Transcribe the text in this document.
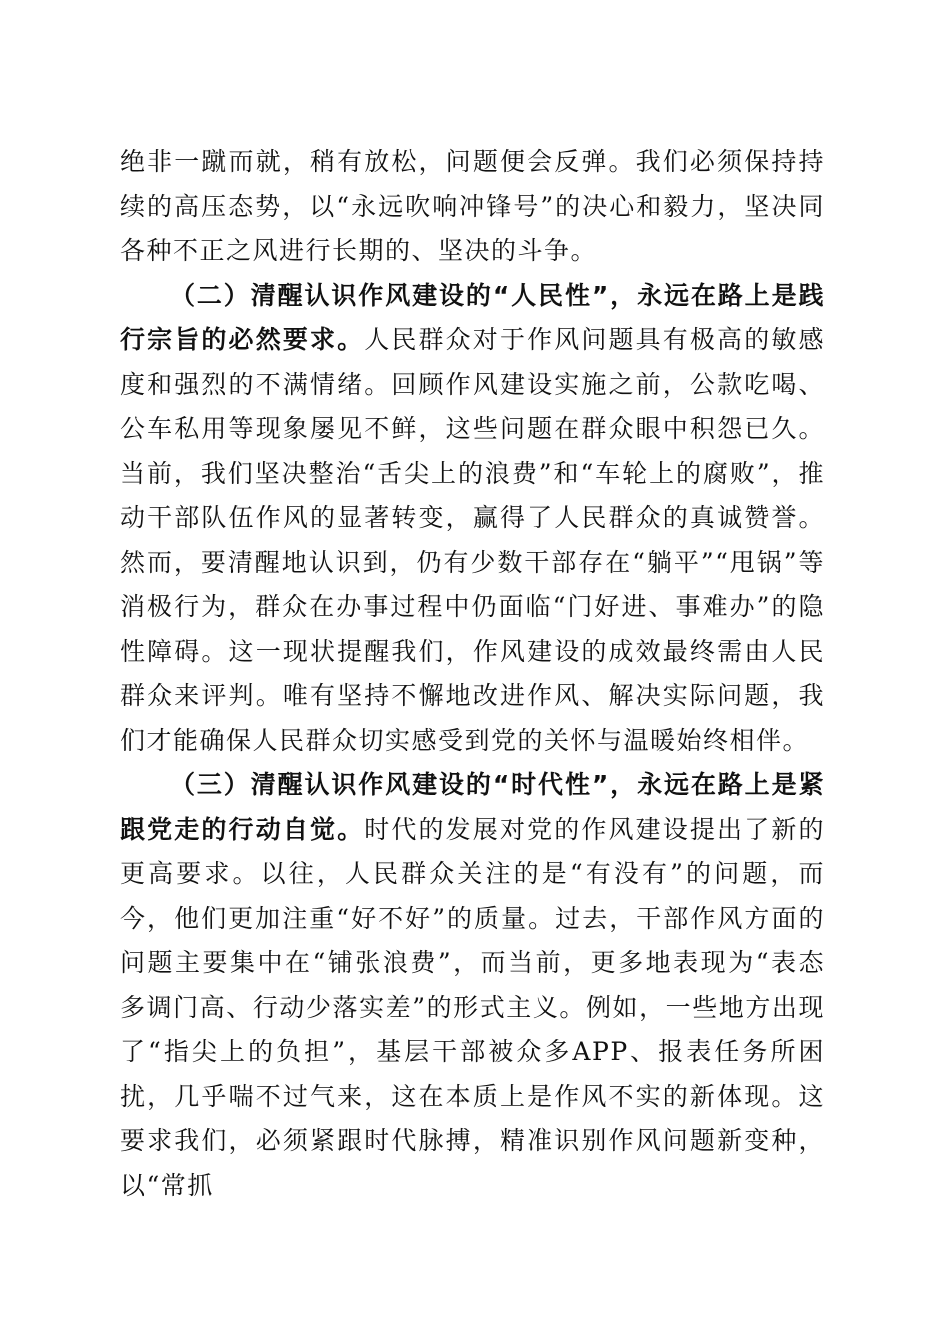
绝非一蹴而就，稍有放松，问题便会反弹。我们必须保持持续的高压态势，以“永远吹响冲锋号”的决心和毅力，坚决同各种不正之风进行长期的、坚决的斗争。

（二）清醒认识作风建设的“人民性”，永远在路上是践行宗旨的必然要求。人民群众对于作风问题具有极高的敏感度和强烈的不满情绪。回顾作风建设实施之前，公款吃喝、公车私用等现象屡见不鲜，这些问题在群众眼中积怨已久。当前，我们坚决整治“舌尖上的浪费”和“车轮上的腐败”，推动干部队伍作风的显著转变，赢得了人民群众的真诚赞誉。然而，要清醒地认识到，仍有少数干部存在“躺平”“甩锅”等消极行为，群众在办事过程中仍面临“门好进、事难办”的隐性障碍。这一现状提醒我们，作风建设的成效最终需由人民群众来评判。唯有坚持不懈地改进作风、解决实际问题，我们才能确保人民群众切实感受到党的关怀与温暖始终相伴。

（三）清醒认识作风建设的“时代性”，永远在路上是紧跟党走的行动自觉。时代的发展对党的作风建设提出了新的更高要求。以往，人民群众关注的是“有没有”的问题，而今，他们更加注重“好不好”的质量。过去，干部作风方面的问题主要集中在“铺张浪费”，而当前，更多地表现为“表态多调门高、行动少落实差”的形式主义。例如，一些地方出现了“指尖上的负担”，基层干部被众多APP、报表任务所困扰，几乎喘不过气来，这在本质上是作风不实的新体现。这要求我们，必须紧跟时代脉搏，精准识别作风问题新变种，以“常抓
